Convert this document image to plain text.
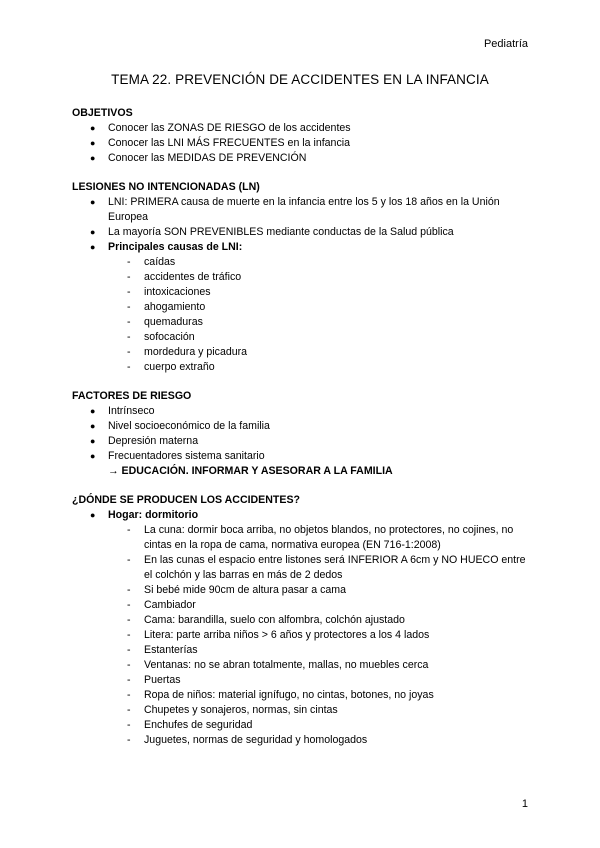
Pediatría
TEMA 22. PREVENCIÓN DE ACCIDENTES EN LA INFANCIA
OBJETIVOS
● Conocer las ZONAS DE RIESGO de los accidentes
● Conocer las LNI MÁS FRECUENTES en la infancia
● Conocer las MEDIDAS DE PREVENCIÓN
LESIONES NO INTENCIONADAS (LN)
● LNI: PRIMERA causa de muerte en la infancia entre los 5 y los 18 años en la Unión Europea
● La mayoría SON PREVENIBLES mediante conductas de la Salud pública
● Principales causas de LNI:
- caídas
- accidentes de tráfico
- intoxicaciones
- ahogamiento
- quemaduras
- sofocación
- mordedura y picadura
- cuerpo extraño
FACTORES DE RIESGO
● Intrínseco
● Nivel socioeconómico de la familia
● Depresión materna
● Frecuentadores sistema sanitario
→ EDUCACIÓN. INFORMAR Y ASESORAR A LA FAMILIA
¿DÓNDE SE PRODUCEN LOS ACCIDENTES?
● Hogar: dormitorio
- La cuna: dormir boca arriba, no objetos blandos, no protectores, no cojines, no cintas en la ropa de cama, normativa europea (EN 716-1:2008)
- En las cunas el espacio entre listones será INFERIOR A 6cm y NO HUECO entre el colchón y las barras en más de 2 dedos
- Si bebé mide 90cm de altura pasar a cama
- Cambiador
- Cama: barandilla, suelo con alfombra, colchón ajustado
- Litera: parte arriba niños > 6 años y protectores a los 4 lados
- Estanterías
- Ventanas: no se abran totalmente, mallas, no muebles cerca
- Puertas
- Ropa de niños: material ignífugo, no cintas, botones, no joyas
- Chupetes y sonajeros, normas, sin cintas
- Enchufes de seguridad
- Juguetes, normas de seguridad y homologados
1
